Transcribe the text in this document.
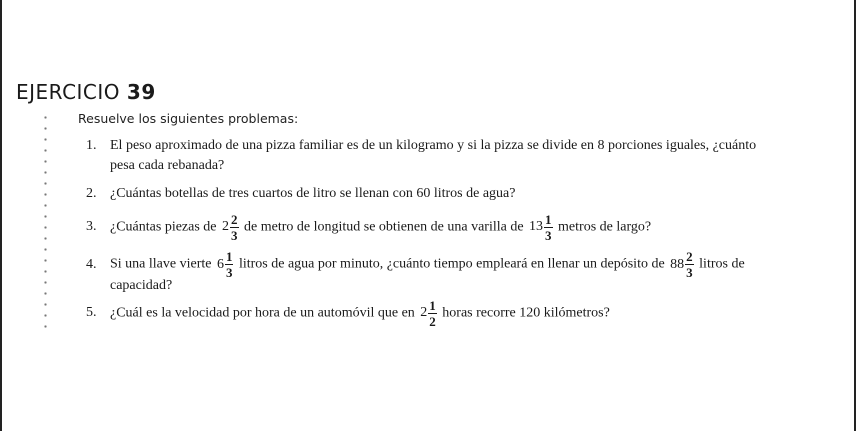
EJERCICIO 39
Resuelve los siguientes problemas:
1. El peso aproximado de una pizza familiar es de un kilogramo y si la pizza se divide en 8 porciones iguales, ¿cuánto
pesa cada rebanada?
2. ¿Cuántas botellas de tres cuartos de litro se llenan con 60 litros de agua?
3. ¿Cuántas piezas de $2 \frac{2}{3}$ de metro de longitud se obtienen de una varilla de $13 \frac{1}{3}$ metros de largo?
4. Si una llave vierte $6 \frac{1}{3}$ litros de agua por minuto, ¿cuánto tiempo empleará en llenar un depósito de $88 \frac{2}{3}$ litros de
capacidad?
5. ¿Cuál es la velocidad por hora de un automóvil que en $2 \frac{1}{2}$ horas recorre 120 kilómetros?
